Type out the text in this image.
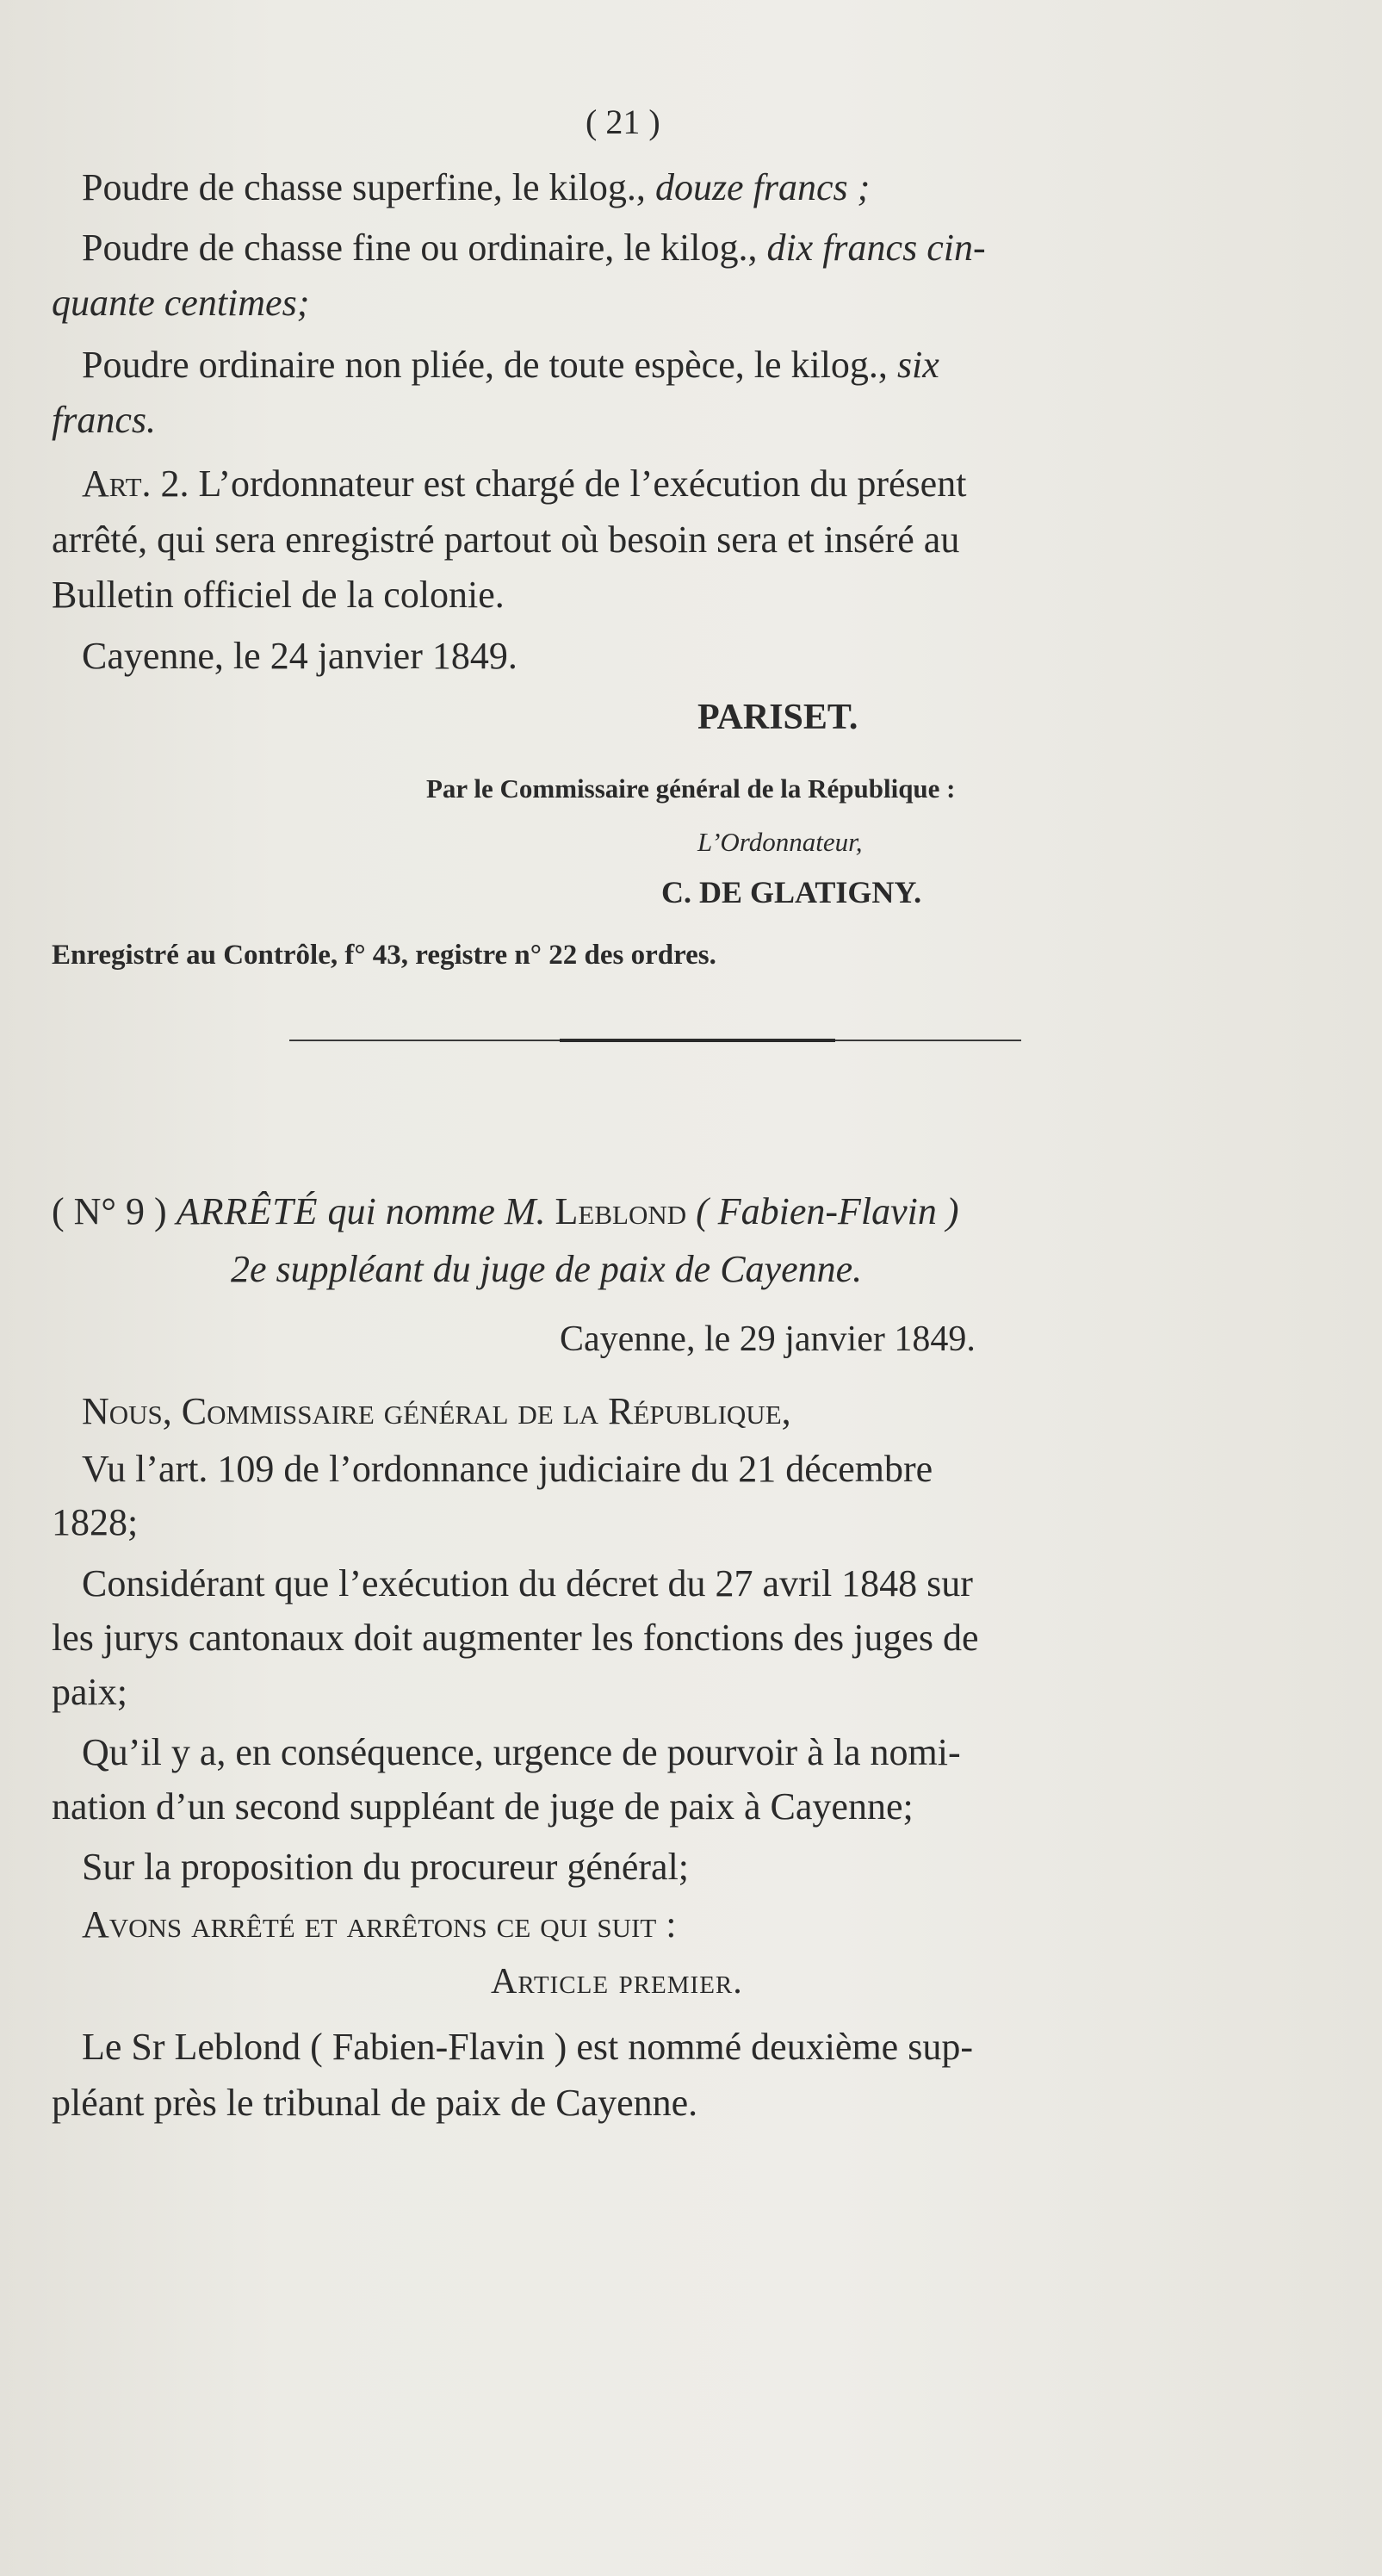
( 21 )

Poudre de chasse superfine, le kilog., douze francs ;

Poudre de chasse fine ou ordinaire, le kilog., dix francs cin-

quante centimes;

Poudre ordinaire non pliée, de toute espèce, le kilog., six

francs.

Art. 2. L’ordonnateur est chargé de l’exécution du présent

arrêté, qui sera enregistré partout où besoin sera et inséré au

Bulletin officiel de la colonie.

Cayenne, le 24 janvier 1849.

PARISET.

Par le Commissaire général de la République :

L’Ordonnateur,

C. DE GLATIGNY.

Enregistré au Contrôle, f° 43, registre n° 22 des ordres.

( N° 9 ) ARRÊTÉ qui nomme M. Leblond ( Fabien-Flavin )

2e suppléant du juge de paix de Cayenne.

Cayenne, le 29 janvier 1849.

Nous, Commissaire général de la République,

Vu l’art. 109 de l’ordonnance judiciaire du 21 décembre

1828;

Considérant que l’exécution du décret du 27 avril 1848 sur

les jurys cantonaux doit augmenter les fonctions des juges de

paix;

Qu’il y a, en conséquence, urgence de pourvoir à la nomi-

nation d’un second suppléant de juge de paix à Cayenne;

Sur la proposition du procureur général;

Avons arrêté et arrêtons ce qui suit :

Article premier.

Le Sr Leblond ( Fabien-Flavin ) est nommé deuxième sup-

pléant près le tribunal de paix de Cayenne.
